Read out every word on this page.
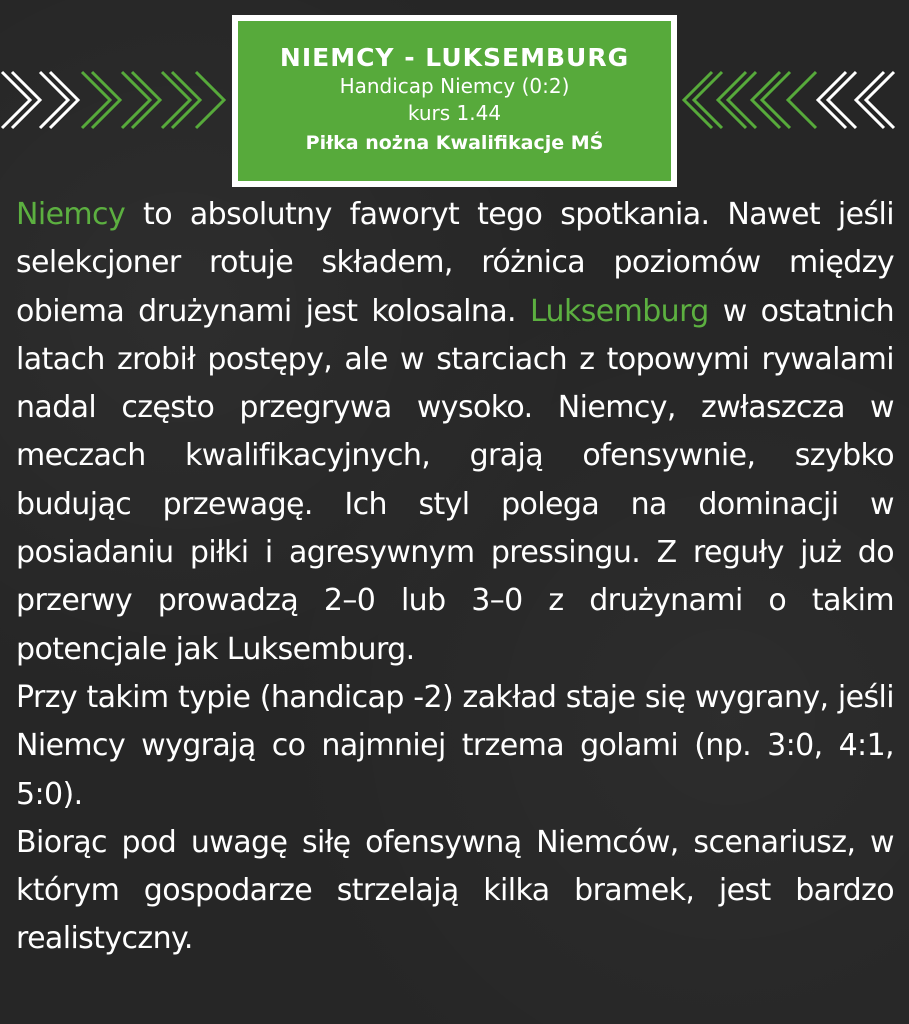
NIEMCY - LUKSEMBURG
Handicap Niemcy (0:2)
kurs 1.44
Piłka nożna Kwalifikacje MŚ

Niemcy to absolutny faworyt tego spotkania. Nawet jeśli selekcjoner rotuje składem, różnica poziomów między obiema drużynami jest kolosalna. Luksemburg w ostatnich latach zrobił postępy, ale w starciach z topowymi rywalami nadal często przegrywa wysoko. Niemcy, zwłaszcza w meczach kwalifikacyjnych, grają ofensywnie, szybko budując przewagę. Ich styl polega na dominacji w posiadaniu piłki i agresywnym pressingu. Z reguły już do przerwy prowadzą 2–0 lub 3–0 z drużynami o takim potencjale jak Luksemburg.

Przy takim typie (handicap -2) zakład staje się wygrany, jeśli Niemcy wygrają co najmniej trzema golami (np. 3:0, 4:1, 5:0).

Biorąc pod uwagę siłę ofensywną Niemców, scenariusz, w którym gospodarze strzelają kilka bramek, jest bardzo realistyczny.
